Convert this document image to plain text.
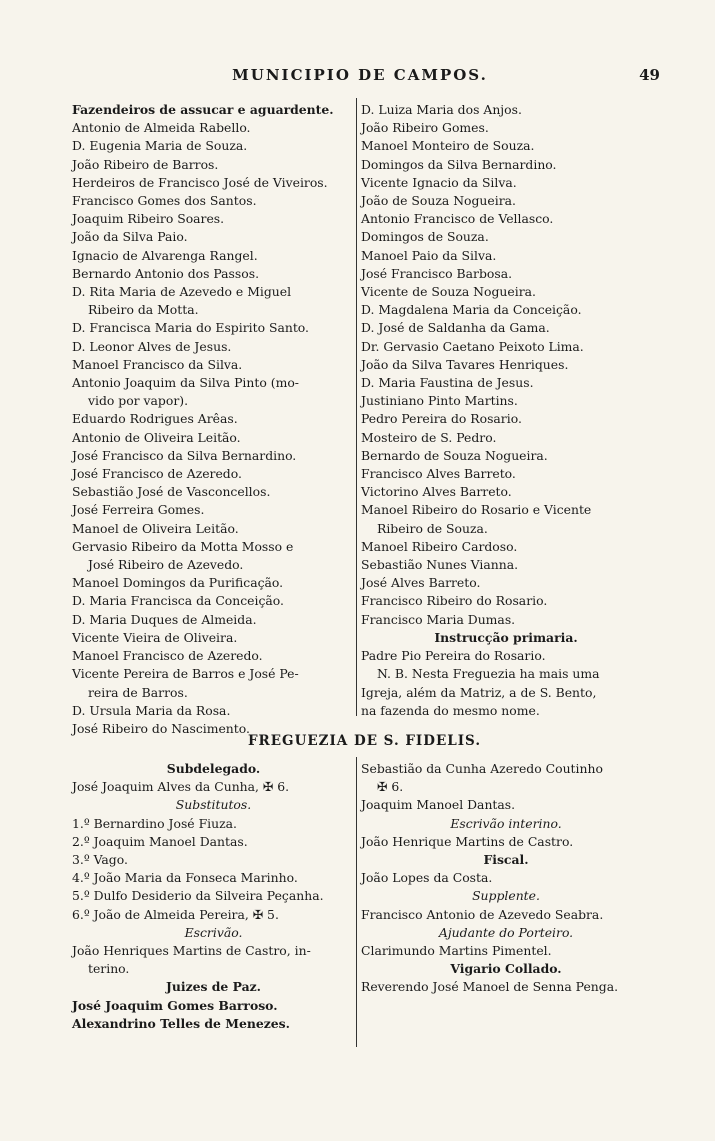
MUNICIPIO DE CAMPOS.	49
Fazendeiros de assucar e aguardente.
Antonio de Almeida Rabello.
D. Eugenia Maria de Souza.
João Ribeiro de Barros.
Herdeiros de Francisco José de Viveiros.
Francisco Gomes dos Santos.
Joaquim Ribeiro Soares.
João da Silva Paio.
Ignacio de Alvarenga Rangel.
Bernardo Antonio dos Passos.
D. Rita Maria de Azevedo e Miguel
Ribeiro da Motta.
D. Francisca Maria do Espirito Santo.
D. Leonor Alves de Jesus.
Manoel Francisco da Silva.
Antonio Joaquim da Silva Pinto (mo-
vido por vapor).
Eduardo Rodrigues Arêas.
Antonio de Oliveira Leitão.
José Francisco da Silva Bernardino.
José Francisco de Azeredo.
Sebastião José de Vasconcellos.
José Ferreira Gomes.
Manoel de Oliveira Leitão.
Gervasio Ribeiro da Motta Mosso e
José Ribeiro de Azevedo.
Manoel Domingos da Purificação.
D. Maria Francisca da Conceição.
D. Maria Duques de Almeida.
Vicente Vieira de Oliveira.
Manoel Francisco de Azeredo.
Vicente Pereira de Barros e José Pe-
reira de Barros.
D. Ursula Maria da Rosa.
José Ribeiro do Nascimento.
D. Luiza Maria dos Anjos.
João Ribeiro Gomes.
Manoel Monteiro de Souza.
Domingos da Silva Bernardino.
Vicente Ignacio da Silva.
João de Souza Nogueira.
Antonio Francisco de Vellasco.
Domingos de Souza.
Manoel Paio da Silva.
José Francisco Barbosa.
Vicente de Souza Nogueira.
D. Magdalena Maria da Conceição.
D. José de Saldanha da Gama.
Dr. Gervasio Caetano Peixoto Lima.
João da Silva Tavares Henriques.
D. Maria Faustina de Jesus.
Justiniano Pinto Martins.
Pedro Pereira do Rosario.
Mosteiro de S. Pedro.
Bernardo de Souza Nogueira.
Francisco Alves Barreto.
Victorino Alves Barreto.
Manoel Ribeiro do Rosario e Vicente
Ribeiro de Souza.
Manoel Ribeiro Cardoso.
Sebastião Nunes Vianna.
José Alves Barreto.
Francisco Ribeiro do Rosario.
Francisco Maria Dumas.
Instrucção primaria.
Padre Pio Pereira do Rosario.
N. B. Nesta Freguezia ha mais uma
Igreja, além da Matriz, a de S. Bento,
na fazenda do mesmo nome.
FREGUEZIA DE S. FIDELIS.
Subdelegado.
José Joaquim Alves da Cunha, ✠ 6.
Substitutos.
1.º Bernardino José Fiuza.
2.º Joaquim Manoel Dantas.
3.º Vago.
4.º João Maria da Fonseca Marinho.
5.º Dulfo Desiderio da Silveira Peçanha.
6.º João de Almeida Pereira, ✠ 5.
Escrivão.
João Henriques Martins de Castro, in-
terino.
Juizes de Paz.
José Joaquim Gomes Barroso.
Alexandrino Telles de Menezes.
Sebastião da Cunha Azeredo Coutinho
✠ 6.
Joaquim Manoel Dantas.
Escrivão interino.
João Henrique Martins de Castro.
Fiscal.
João Lopes da Costa.
Supplente.
Francisco Antonio de Azevedo Seabra.
Ajudante do Porteiro.
Clarimundo Martins Pimentel.
Vigario Collado.
Reverendo José Manoel de Senna Penga.
